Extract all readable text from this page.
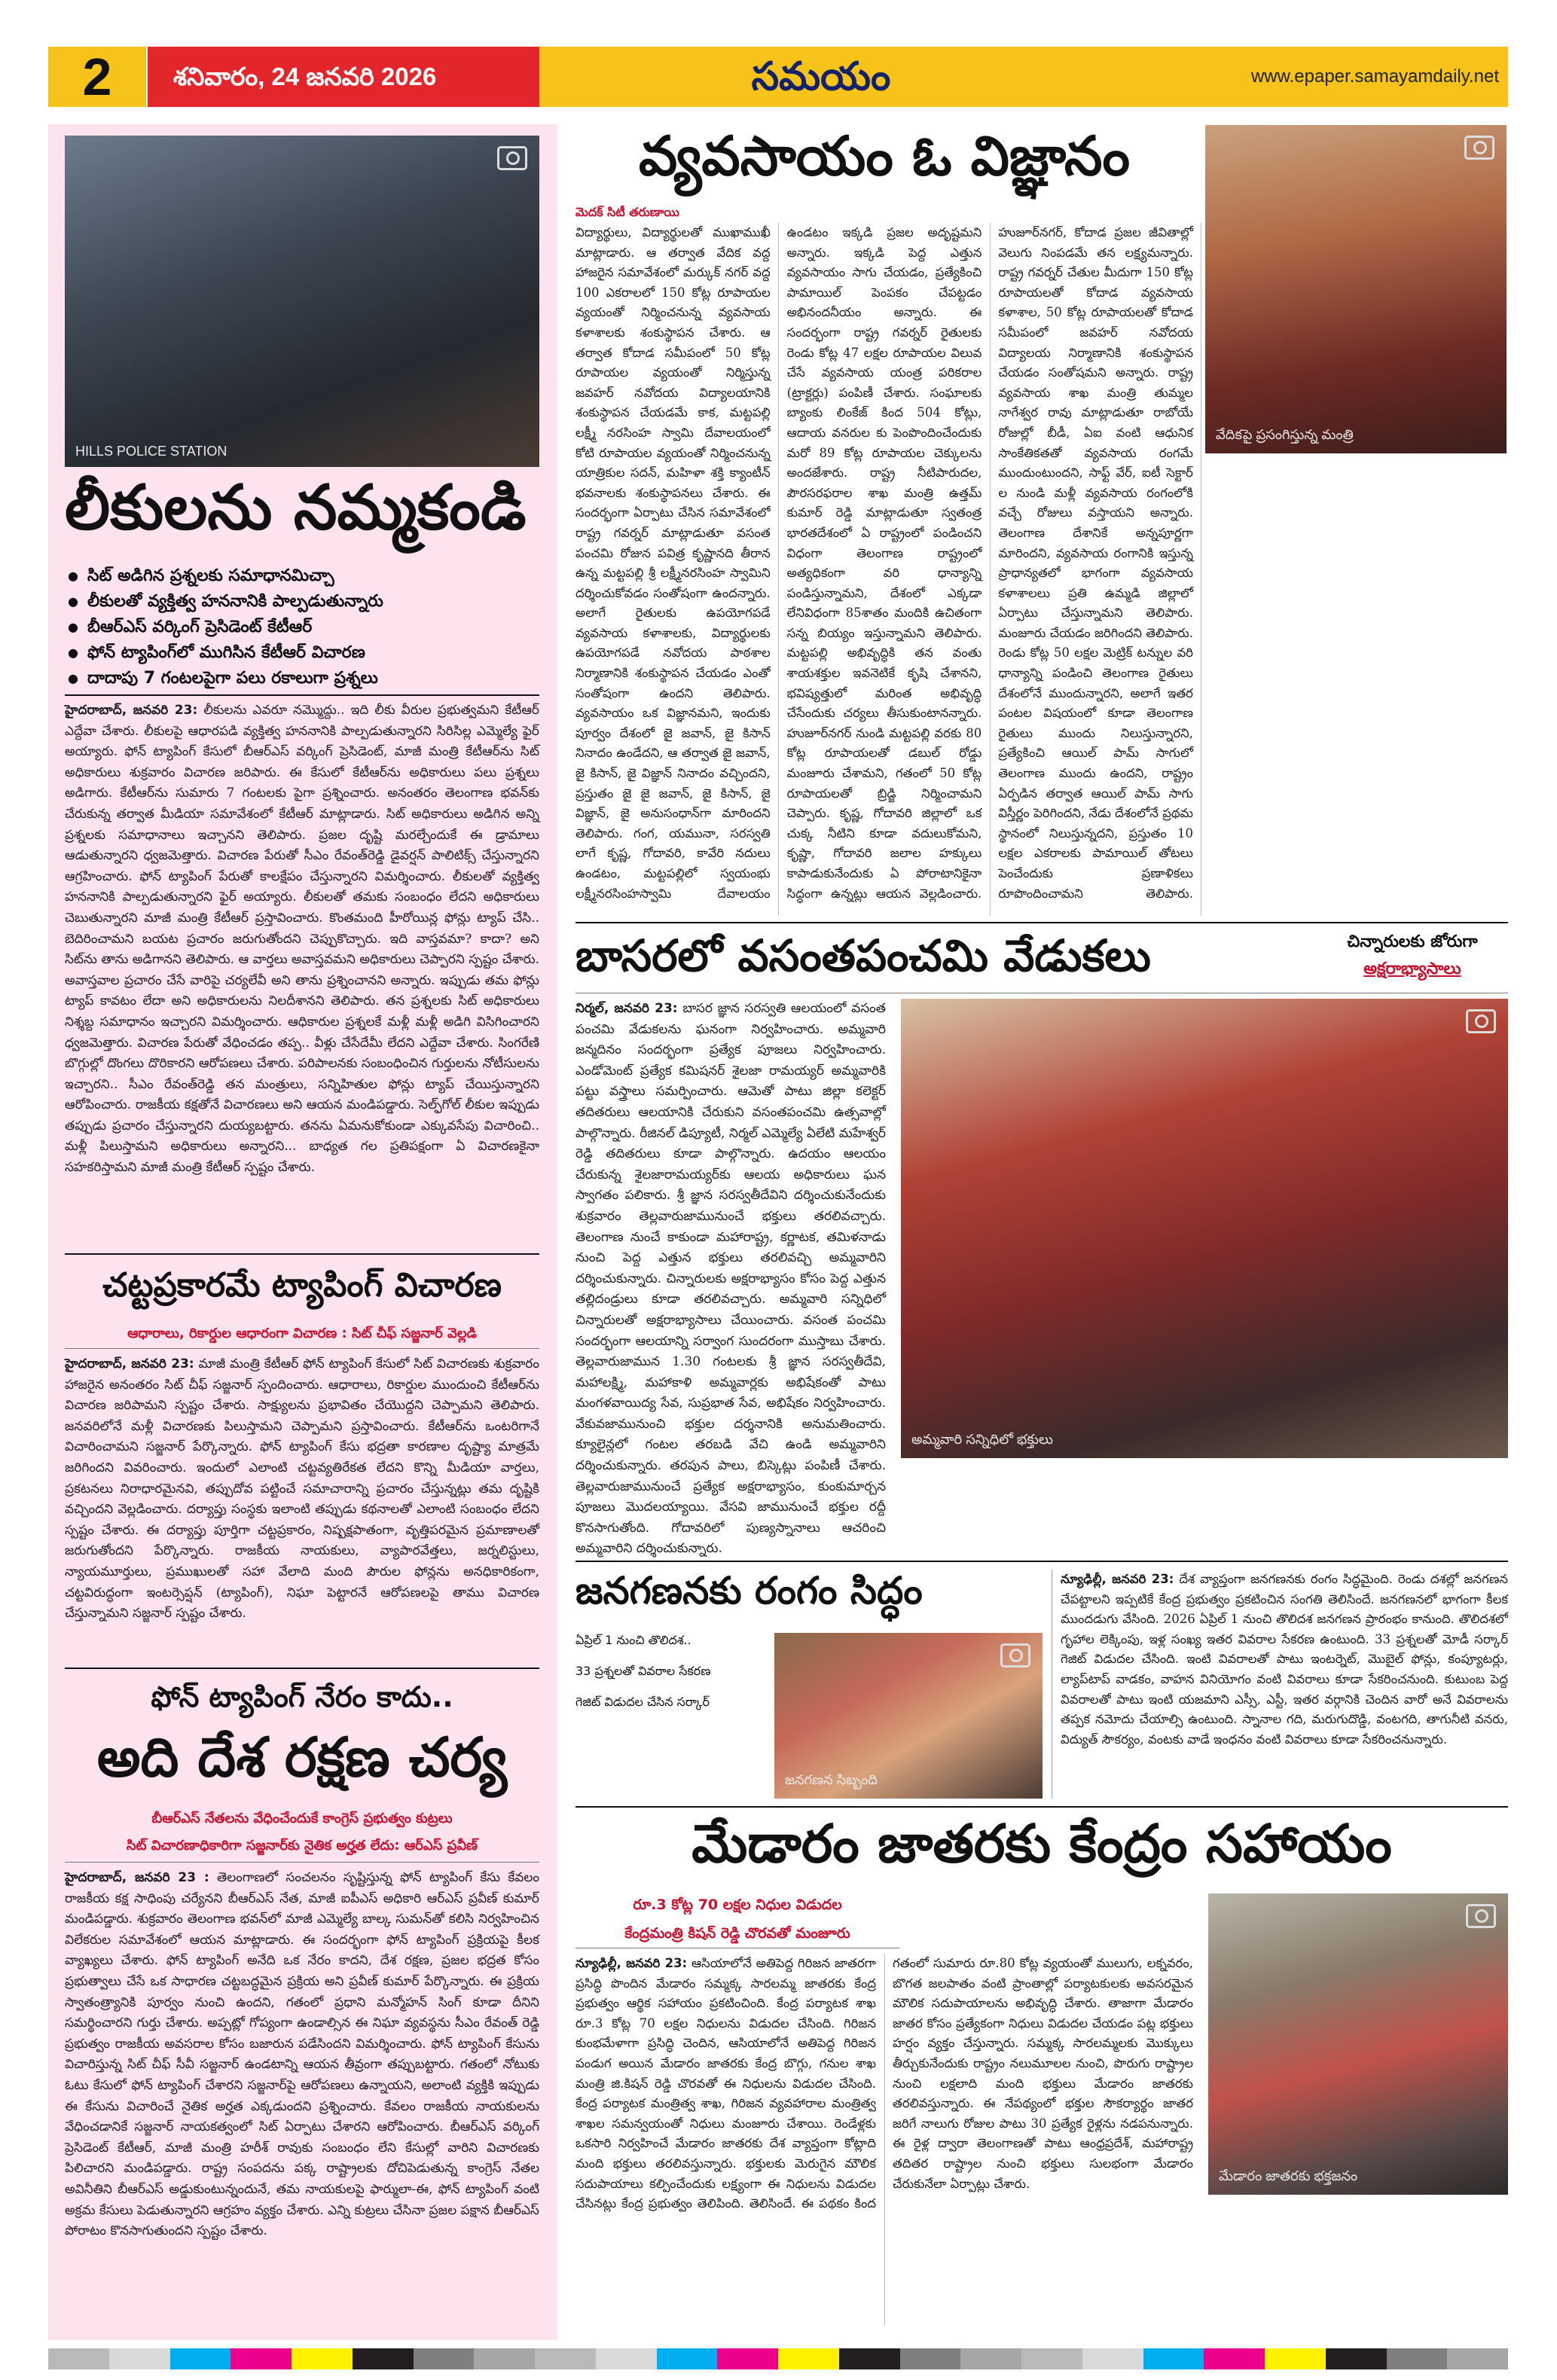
2	శనివారం, 24 జనవరి 2026	సమయం	www.epaper.samayamdaily.net
HILLS POLICE STATION
లీకులను నమ్మకండి
● సిట్ అడిగిన ప్రశ్నలకు సమాధానమిచ్చా
● లీకులతో వ్యక్తిత్వ హననానికి పాల్పడుతున్నారు
● బీఆర్ఎస్ వర్కింగ్ ప్రెసిడెంట్ కేటీఆర్
● ఫోన్ ట్యాపింగ్‌లో ముగిసిన కేటీఆర్ విచారణ
● దాదాపు 7 గంటలపైగా పలు రకాలుగా ప్రశ్నలు
హైదరాబాద్, జనవరి 23: లీకులను ఎవరూ నమ్మొద్దు.. ఇది లీకు వీరుల ప్రభుత్వమని కేటీఆర్ ఎద్దేవా చేశారు. లీకులపై ఆధారపడి వ్యక్తిత్వ హననానికి పాల్పడుతున్నారని సిరిసిల్ల ఎమ్మెల్యే ఫైర్ అయ్యారు. ఫోన్ ట్యాపింగ్ కేసులో బీఆర్ఎస్ వర్కింగ్ ప్రెసిడెంట్, మాజీ మంత్రి కేటీఆర్‌ను సిట్ అధికారులు శుక్రవారం విచారణ జరిపారు. ఈ కేసులో కేటీఆర్‌ను అధికారులు పలు ప్రశ్నలు అడిగారు. కేటీఆర్‌ను సుమారు 7 గంటలకు పైగా ప్రశ్నించారు. అనంతరం తెలంగాణ భవన్‌కు చేరుకున్న తర్వాత మీడియా సమావేశంలో కేటీఆర్ మాట్లాడారు. సిట్ అధికారులు అడిగిన అన్ని ప్రశ్నలకు సమాధానాలు ఇచ్చానని తెలిపారు. ప్రజల దృష్టి మరల్చేందుకే ఈ డ్రామాలు ఆడుతున్నారని ధ్వజమెత్తారు. విచారణ పేరుతో సీఎం రేవంత్‌రెడ్డి డైవర్షన్ పాలిటిక్స్ చేస్తున్నారని ఆగ్రహించారు. ఫోన్ ట్యాపింగ్ పేరుతో కాలక్షేపం చేస్తున్నారని విమర్శించారు. లీకులతో వ్యక్తిత్వ హననానికి పాల్పడుతున్నారని ఫైర్ అయ్యారు. లీకులతో తమకు సంబంధం లేదని అధికారులు చెబుతున్నారని మాజీ మంత్రి కేటీఆర్ ప్రస్తావించారు. కొంతమంది హీరోయిన్ల ఫోన్లు ట్యాప్ చేసి.. బెదిరించామని బయట ప్రచారం జరుగుతోందని చెప్పుకొచ్చారు. ఇది వాస్తవమా? కాదా? అని సిట్‌ను తాను అడిగానని తెలిపారు. ఆ వార్తలు అవాస్తవమని అధికారులు చెప్పారని స్పష్టం చేశారు. అవాస్తవాల ప్రచారం చేసే వారిపై చర్యలేవీ అని తాను ప్రశ్నించానని అన్నారు. ఇప్పుడు తమ ఫోన్లు ట్యాప్ కావటం లేదా అని అధికారులను నిలదీశానని తెలిపారు. తన ప్రశ్నలకు సిట్ అధికారులు నిశ్శబ్ద సమాధానం ఇచ్చారని విమర్శించారు. ఆధికారుల ప్రశ్నలకే మళ్లీ మళ్లీ అడిగి విసిగించారని ధ్వజమెత్తారు. విచారణ పేరుతో వేధించడం తప్ప.. వీళ్లు చేసేదేమీ లేదని ఎద్దేవా చేశారు. సింగరేణి బొగ్గుల్లో దొంగలు దొరికారని ఆరోపణలు చేశారు. పరిపాలనకు సంబంధించిన గుర్తులను నోటీసులను ఇచ్చారని.. సీఎం రేవంత్‌రెడ్డి తన మంత్రులు, సన్నిహితుల ఫోన్లు ట్యాప్ చేయిస్తున్నారని ఆరోపించారు. రాజకీయ కక్షతోనే విచారణలు అని ఆయన మండిపడ్డారు. సెల్ఫ్‌గోల్ లీకుల ఇప్పుడు తప్పుడు ప్రచారం చేస్తున్నారని దుయ్యబట్టారు. తనను ఏమనుకోకుండా ఎక్కువసేపు విచారించి.. మళ్లీ పిలుస్తామని అధికారులు అన్నారని... బాధ్యత గల ప్రతిపక్షంగా ఏ విచారణకైనా సహకరిస్తామని మాజీ మంత్రి కేటీఆర్ స్పష్టం చేశారు.
చట్టప్రకారమే ట్యాపింగ్ విచారణ
ఆధారాలు, రికార్డుల ఆధారంగా విచారణ : సిట్ చీఫ్ సజ్జనార్ వెల్లడి
హైదరాబాద్, జనవరి 23: మాజీ మంత్రి కేటీఆర్ ఫోన్ ట్యాపింగ్ కేసులో సిట్ విచారణకు శుక్రవారం హాజరైన అనంతరం సిట్ చీఫ్ సజ్జనార్ స్పందించారు. ఆధారాలు, రికార్డుల ముందుంచి కేటీఆర్‌ను విచారణ జరిపామని స్పష్టం చేశారు. సాక్ష్యులను ప్రభావితం చేయొద్దని చెప్పామని తెలిపారు. జనవరిలోనే మళ్లీ విచారణకు పిలుస్తామని చెప్పామని ప్రస్తావించారు. కేటీఆర్‌ను ఒంటరిగానే విచారించామని సజ్జనార్ పేర్కొన్నారు. ఫోన్ ట్యాపింగ్ కేసు భద్రతా కారణాల దృష్ట్యా మాత్రమే జరిగిందని వివరించారు. ఇందులో ఎలాంటి చట్టవ్యతిరేకత లేదని కొన్ని మీడియా వార్తలు, ప్రకటనలు నిరాధారమైనవి, తప్పుదోవ పట్టించే సమాచారాన్ని ప్రచారం చేస్తున్నట్లు తమ దృష్టికి వచ్చిందని వెల్లడించారు. దర్యాప్తు సంస్థకు ఇలాంటి తప్పుడు కథనాలతో ఎలాంటి సంబంధం లేదని స్పష్టం చేశారు. ఈ దర్యాప్తు పూర్తిగా చట్టప్రకారం, నిష్పక్షపాతంగా, వృత్తిపరమైన ప్రమాణాలతో జరుగుతోందని పేర్కొన్నారు. రాజకీయ నాయకులు, వ్యాపారవేత్తలు, జర్నలిస్టులు, న్యాయమూర్తులు, ప్రముఖులతో సహా వేలాది మంది పౌరుల ఫోన్లను అనధికారికంగా, చట్టవిరుద్ధంగా ఇంటర్సెప్షన్ (ట్యాపింగ్), నిఘా పెట్టారనే ఆరోపణలపై తాము విచారణ చేస్తున్నామని సజ్జనార్ స్పష్టం చేశారు.
ఫోన్ ట్యాపింగ్ నేరం కాదు..
అది దేశ రక్షణ చర్య
బీఆర్ఎస్ నేతలను వేధించేందుకే కాంగ్రెస్ ప్రభుత్వం కుట్రలు
సిట్ విచారణాధికారిగా సజ్జనార్‌కు నైతిక అర్హత లేదు: ఆర్ఎస్ ప్రవీణ్
హైదరాబాద్, జనవరి 23 : తెలంగాణలో సంచలనం సృష్టిస్తున్న ఫోన్ ట్యాపింగ్ కేసు కేవలం రాజకీయ కక్ష సాధింపు చర్యేనని బీఆర్ఎస్ నేత, మాజీ ఐపీఎస్ అధికారి ఆర్ఎస్ ప్రవీణ్ కుమార్ మండిపడ్డారు. శుక్రవారం తెలంగాణ భవన్‌లో మాజీ ఎమ్మెల్యే బాల్క సుమన్‌తో కలిసి నిర్వహించిన విలేకరుల సమావేశంలో ఆయన మాట్లాడారు. ఈ సందర్భంగా ఫోన్ ట్యాపింగ్ ప్రక్రియపై కీలక వ్యాఖ్యలు చేశారు. ఫోన్ ట్యాపింగ్ అనేది ఒక నేరం కాదని, దేశ రక్షణ, ప్రజల భద్రత కోసం ప్రభుత్వాలు చేసే ఒక సాధారణ చట్టబద్ధమైన ప్రక్రియ అని ప్రవీణ్ కుమార్ పేర్కొన్నారు. ఈ ప్రక్రియ స్వాతంత్ర్యానికి పూర్వం నుంచి ఉందని, గతంలో ప్రధాని మన్మోహన్ సింగ్ కూడా దీనిని సమర్థించారని గుర్తు చేశారు. అప్పట్లో గోప్యంగా ఉండాల్సిన ఈ నిఘా వ్యవస్థను సీఎం రేవంత్ రెడ్డి ప్రభుత్వం రాజకీయ అవసరాల కోసం బజారున పడేసిందని విమర్శించారు. ఫోన్ ట్యాపింగ్ కేసును విచారిస్తున్న సిట్ చీఫ్ సీవీ సజ్జనార్ ఉండటాన్ని ఆయన తీవ్రంగా తప్పుబట్టారు. గతంలో నోటుకు ఓటు కేసులో ఫోన్ ట్యాపింగ్ చేశారని సజ్జనార్‌పై ఆరోపణలు ఉన్నాయని, అలాంటి వ్యక్తికి ఇప్పుడు ఈ కేసును విచారించే నైతిక అర్హత ఎక్కడుందని ప్రశ్నించారు. కేవలం రాజకీయ నాయకులను వేధించడానికే సజ్జనార్ నాయకత్వంలో సిట్ ఏర్పాటు చేశారని ఆరోపించారు. బీఆర్ఎస్ వర్కింగ్ ప్రెసిడెంట్ కేటీఆర్, మాజీ మంత్రి హరీశ్ రావుకు సంబంధం లేని కేసుల్లో వారిని విచారణకు పిలిచారని మండిపడ్డారు. రాష్ట్ర సంపదను పక్క రాష్ట్రాలకు దోచిపెడుతున్న కాంగ్రెస్ నేతల అవినీతిని బీఆర్ఎస్ అడ్డుకుంటున్నందునే, తమ నాయకులపై ఫార్ములా-ఈ, ఫోన్ ట్యాపింగ్ వంటి అక్రమ కేసులు పెడుతున్నారని ఆగ్రహం వ్యక్తం చేశారు. ఎన్ని కుట్రలు చేసినా ప్రజల పక్షాన బీఆర్ఎస్ పోరాటం కొనసాగుతుందని స్పష్టం చేశారు.
వ్యవసాయం ఓ విజ్ఞానం
మెదక్ సిటీ తరుణాయి
విద్యార్థులు, విద్యార్థులతో ముఖాముఖీ మాట్లాడారు. ఆ తర్వాత వేదిక వద్ద హాజరైన సమావేశంలో మర్కుక్ నగర్ వద్ద 100 ఎకరాలలో 150 కోట్ల రూపాయల వ్యయంతో నిర్మించనున్న వ్యవసాయ కళాశాలకు శంకుస్థాపన చేశారు. ఆ తర్వాత కోదాడ సమీపంలో 50 కోట్ల రూపాయల వ్యయంతో నిర్మిస్తున్న జవహర్ నవోదయ విద్యాలయానికి శంకుస్థాపన చేయడమే కాక, మట్టపల్లి లక్ష్మీ నరసింహ స్వామి దేవాలయంలో కోటి రూపాయల వ్యయంతో నిర్మించనున్న యాత్రికుల సదన్, మహిళా శక్తి క్యాంటీన్ భవనాలకు శంకుస్థాపనలు చేశారు. ఈ సందర్భంగా ఏర్పాటు చేసిన సమావేశంలో రాష్ట్ర గవర్నర్ మాట్లాడుతూ వసంత పంచమి రోజున పవిత్ర కృష్ణానది తీరాన ఉన్న మట్టపల్లి శ్రీ లక్ష్మీనరసింహ స్వామిని దర్శించుకోవడం సంతోషంగా ఉందన్నారు. అలాగే రైతులకు ఉపయోగపడే వ్యవసాయ కళాశాలకు, విద్యార్థులకు ఉపయోగపడే నవోదయ పాఠశాల నిర్మాణానికి శంకుస్థాపన చేయడం ఎంతో సంతోషంగా ఉందని తెలిపారు. వ్యవసాయం ఒక విజ్ఞానమని, ఇందుకు పూర్వం దేశంలో జై జవాన్, జై కిసాన్ నినాదం ఉండేదని, ఆ తర్వాత జై జవాన్, జై కిసాన్, జై విజ్ఞాన్ నినాదం వచ్చిందని, ప్రస్తుతం జై జై జవాన్, జై కిసాన్, జై విజ్ఞాన్, జై అనుసంధాన్‌గా మారిందని తెలిపారు. గంగ, యమునా, సరస్వతి లాగే కృష్ణ, గోదావరి, కావేరి నదులు ఉండటం, మట్టపల్లిలో స్వయంభు లక్ష్మీనరసింహస్వామి దేవాలయం ఉండటం ఇక్కడి ప్రజల అదృష్టమని అన్నారు. ఇక్కడి పెద్ద ఎత్తున వ్యవసాయం సాగు చేయడం, ప్రత్యేకించి పామాయిల్ పెంపకం చేపట్టడం అభినందనీయం అన్నారు. ఈ సందర్భంగా రాష్ట్ర గవర్నర్ రైతులకు రెండు కోట్ల 47 లక్షల రూపాయల విలువ చేసే వ్యవసాయ యంత్ర పరికరాల (ట్రాక్టర్లు) పంపిణీ చేశారు. సంఘాలకు బ్యాంకు లింకేజ్ కింద 504 కోట్లు, ఆదాయ వనరుల కు పెంపొందించేందుకు మరో 89 కోట్ల రూపాయల చెక్కులను అందజేశారు. రాష్ట్ర నీటిపారుదల, పౌరసరఫరాల శాఖ మంత్రి ఉత్తమ్ కుమార్ రెడ్డి మాట్లాడుతూ స్వతంత్ర భారతదేశంలో ఏ రాష్ట్రంలో పండించని విధంగా తెలంగాణ రాష్ట్రంలో అత్యధికంగా వరి ధాన్యాన్ని పండిస్తున్నామని, దేశంలో ఎక్కడా లేనివిధంగా 85శాతం మందికి ఉచితంగా సన్న బియ్యం ఇస్తున్నామని తెలిపారు. మట్టపల్లి అభివృద్ధికి తన వంతు శాయశక్తుల ఇవనెటికే కృషి చేశానని, భవిష్యత్తులో మరింత అభివృద్ధి చేసేందుకు చర్యలు తీసుకుంటానన్నారు. హుజూర్‌నగర్ నుండి మట్టపల్లి వరకు 80 కోట్ల రూపాయలతో డబుల్ రోడ్డు మంజూరు చేశామని, గతంలో 50 కోట్ల రూపాయలతో బ్రిడ్జి నిర్మించామని చెప్పారు. కృష్ణ, గోదావరి జిల్లాలో ఒక చుక్క నీటిని కూడా వదులుకోమని, కృష్ణా, గోదావరి జలాల హక్కులు కాపాడుకునేందుకు ఏ పోరాటానికైనా సిద్ధంగా ఉన్నట్లు ఆయన వెల్లడించారు. హుజూర్‌నగర్, కోదాడ ప్రజల జీవితాల్లో వెలుగు నింపడమే తన లక్ష్యమన్నారు. రాష్ట్ర గవర్నర్ చేతుల మీదుగా 150 కోట్ల రూపాయలతో కోదాడ వ్యవసాయ కళాశాల, 50 కోట్ల రూపాయలతో కోదాడ సమీపంలో జవహర్ నవోదయ విద్యాలయ నిర్మాణానికి శంకుస్థాపన చేయడం సంతోషమని అన్నారు. రాష్ట్ర వ్యవసాయ శాఖ మంత్రి తుమ్మల నాగేశ్వర రావు మాట్లాడుతూ రాబోయే రోజుల్లో బీడీ, ఏఐ వంటి ఆధునిక సాంకేతికతతో వ్యవసాయ రంగమే ముందుంటుందని, సాఫ్ట్ వేర్, ఐటీ సెక్టార్ ల నుండి మళ్లీ వ్యవసాయ రంగంలోకి వచ్చే రోజులు వస్తాయని అన్నారు. తెలంగాణ దేశానికే అన్నపూర్ణగా మారిందని, వ్యవసాయ రంగానికి ఇస్తున్న ప్రాధాన్యతలో భాగంగా వ్యవసాయ కళాశాలలు ప్రతి ఉమ్మడి జిల్లాలో ఏర్పాటు చేస్తున్నామని తెలిపారు. మంజూరు చేయడం జరిగిందని తెలిపారు. రెండు కోట్ల 50 లక్షల మెట్రిక్ టన్నుల వరి ధాన్యాన్ని పండించి తెలంగాణ రైతులు దేశంలోనే ముందున్నారని, అలాగే ఇతర పంటల విషయంలో కూడా తెలంగాణ రైతులు ముందు నిలుస్తున్నారని, ప్రత్యేకించి ఆయిల్ పామ్ సాగులో తెలంగాణ ముందు ఉందని, రాష్ట్రం ఏర్పడిన తర్వాత ఆయిల్ పామ్ సాగు విస్తీర్ణం పెరిగిందని, నేడు దేశంలోనే ప్రథమ స్థానంలో నిలుస్తున్నదని, ప్రస్తుతం 10 లక్షల ఎకరాలకు పామాయిల్ తోటలు పెంచేందుకు ప్రణాళికలు రూపొందించామని తెలిపారు.
వేదికపై ప్రసంగిస్తున్న మంత్రి
బాసరలో వసంతపంచమి వేడుకలు	చిన్నారులకు జోరుగా
అక్షరాభ్యాసాలు
నిర్మల్, జనవరి 23: బాసర జ్ఞాన సరస్వతి ఆలయంలో వసంత పంచమి వేడుకలను ఘనంగా నిర్వహించారు. అమ్మవారి జన్మదినం సందర్భంగా ప్రత్యేక పూజలు నిర్వహించారు. ఎండోమెంట్ ప్రత్యేక కమిషనర్ శైలజా రామయ్యర్ అమ్మవారికి పట్టు వస్త్రాలు సమర్పించారు. ఆమెతో పాటు జిల్లా కలెక్టర్ తదితరులు ఆలయానికి చేరుకుని వసంతపంచమి ఉత్సవాల్లో పాల్గొన్నారు. రీజినల్ డిప్యూటీ, నిర్మల్ ఎమ్మెల్యే ఏలేటి మహేశ్వర్ రెడ్డి తదితరులు కూడా పాల్గొన్నారు. ఉదయం ఆలయం చేరుకున్న శైలజారామయ్యర్‌కు ఆలయ అధికారులు ఘన స్వాగతం పలికారు. శ్రీ జ్ఞాన సరస్వతీదేవిని దర్శించుకునేందుకు శుక్రవారం తెల్లవారుజామునుంచే భక్తులు తరలివచ్చారు. తెలంగాణ నుంచే కాకుండా మహారాష్ట్ర, కర్ణాటక, తమిళనాడు నుంచి పెద్ద ఎత్తున భక్తులు తరలివచ్చి అమ్మవారిని దర్శించుకున్నారు. చిన్నారులకు అక్షరాభ్యాసం కోసం పెద్ద ఎత్తున తల్లిదండ్రులు కూడా తరలివచ్చారు. అమ్మవారి సన్నిధిలో చిన్నారులతో అక్షరాభ్యాసాలు చేయించారు. వసంత పంచమి సందర్భంగా ఆలయాన్ని సర్వాంగ సుందరంగా ముస్తాబు చేశారు. తెల్లవారుజామున 1.30 గంటలకు శ్రీ జ్ఞాన సరస్వతీదేవి, మహాలక్ష్మి, మహాకాళి అమ్మవార్లకు అభిషేకంతో పాటు మంగళవాయిద్య సేవ, సుప్రభాత సేవ, అభిషేకం నిర్వహించారు. వేకువజామునుంచి భక్తుల దర్శనానికి అనుమతించారు. క్యూలైన్లలో గంటల తరబడి వేచి ఉండి అమ్మవారిని దర్శించుకున్నారు. తరపున పాలు, బిస్కెట్లు పంపిణీ చేశారు. తెల్లవారుజామునుంచే ప్రత్యేక అక్షరాభ్యాసం, కుంకుమార్చన పూజలు మొదలయ్యాయి. వేసవి జామునుంచే భక్తుల రద్దీ కొనసాగుతోంది. గోదావరిలో పుణ్యస్నానాలు ఆచరించి అమ్మవారిని దర్శించుకున్నారు.
అమ్మవారి సన్నిధిలో భక్తులు
జనగణనకు రంగం సిద్ధం
ఏప్రిల్ 1 నుంచి తొలిదశ..
33 ప్రశ్నలతో వివరాల సేకరణ
గెజిట్ విడుదల చేసిన సర్కార్
జనగణన సిబ్బంది
న్యూఢిల్లీ, జనవరి 23: దేశ వ్యాప్తంగా జనగణనకు రంగం సిద్ధమైంది. రెండు దశల్లో జనగణన చేపట్టాలని ఇప్పటికే కేంద్ర ప్రభుత్వం ప్రకటించిన సంగతి తెలిసిందే. జనగణనలో భాగంగా కీలక ముందడుగు వేసింది. 2026 ఏప్రిల్ 1 నుంచి తొలిదశ జనగణన ప్రారంభం కానుంది. తొలిదశలో గృహాల లెక్కింపు, ఇళ్ల సంఖ్య ఇతర వివరాల సేకరణ ఉంటుంది. 33 ప్రశ్నలతో మోడీ సర్కార్ గెజిట్ విడుదల చేసింది. ఇంటి వివరాలతో పాటు ఇంటర్నెట్, మొబైల్ ఫోన్లు, కంప్యూటర్లు, ల్యాప్‌టాప్ వాడకం, వాహన వినియోగం వంటి వివరాలు కూడా సేకరించనుంది. కుటుంబ పెద్ద వివరాలతో పాటు ఇంటి యజమాని ఎస్సీ, ఎస్టీ, ఇతర వర్గానికి చెందిన వారో అనే వివరాలను తప్పక నమోదు చేయాల్సి ఉంటుంది. స్నానాల గది, మరుగుదొడ్డి, వంటగది, తాగునీటి వనరు, విద్యుత్ సౌకర్యం, వంటకు వాడే ఇంధనం వంటి వివరాలు కూడా సేకరించనున్నారు.
మేడారం జాతరకు కేంద్రం సహాయం
రూ.3 కోట్ల 70 లక్షల నిధుల విడుదల
కేంద్రమంత్రి కిషన్ రెడ్డి చొరవతో మంజూరు
న్యూఢిల్లీ, జనవరి 23: ఆసియాలోనే అతిపెద్ద గిరిజన జాతరగా ప్రసిద్ధి పొందిన మేడారం సమ్మక్క సారలమ్మ జాతరకు కేంద్ర ప్రభుత్వం ఆర్థిక సహాయం ప్రకటించింది. కేంద్ర పర్యాటక శాఖ రూ.3 కోట్ల 70 లక్షల నిధులను విడుదల చేసింది. గిరిజన కుంభమేళాగా ప్రసిద్ధి చెందిన, ఆసియాలోనే అతిపెద్ద గిరిజన పండుగ అయిన మేడారం జాతరకు కేంద్ర బొగ్గు, గనుల శాఖ మంత్రి జి.కిషన్ రెడ్డి చొరవతో ఈ నిధులను విడుదల చేసింది. కేంద్ర పర్యాటక మంత్రిత్వ శాఖ, గిరిజన వ్యవహారాల మంత్రిత్వ శాఖల సమన్వయంతో నిధులు మంజూరు చేశాయి. రెండేళ్లకు ఒకసారి నిర్వహించే మేడారం జాతరకు దేశ వ్యాప్తంగా కోట్లాది మంది భక్తులు తరలివస్తున్నారు. భక్తులకు మెరుగైన మౌలిక సదుపాయాలు కల్పించేందుకు లక్ష్యంగా ఈ నిధులను విడుదల చేసినట్లు కేంద్ర ప్రభుత్వం తెలిపింది. తెలిసిందే. ఈ పథకం కింద గతంలో సుమారు రూ.80 కోట్ల వ్యయంతో ములుగు, లక్నవరం, బొగత జలపాతం వంటి ప్రాంతాల్లో పర్యాటకులకు అవసరమైన మౌలిక సదుపాయాలను అభివృద్ధి చేశారు. తాజాగా మేడారం జాతర కోసం ప్రత్యేకంగా నిధులు విడుదల చేయడం పట్ల భక్తులు హర్షం వ్యక్తం చేస్తున్నారు. సమ్మక్క సారలమ్మలకు మొక్కులు తీర్చుకునేందుకు రాష్ట్రం నలుమూలల నుంచి, పొరుగు రాష్ట్రాల నుంచి లక్షలాది మంది భక్తులు మేడారం జాతరకు తరలివస్తున్నారు. ఈ నేపథ్యంలో భక్తుల సౌకర్యార్థం జాతర జరిగే నాలుగు రోజుల పాటు 30 ప్రత్యేక రైళ్లను నడపనున్నారు. ఈ రైళ్ల ద్వారా తెలంగాణతో పాటు ఆంధ్రప్రదేశ్, మహారాష్ట్ర తదితర రాష్ట్రాల నుంచి భక్తులు సులభంగా మేడారం చేరుకునేలా ఏర్పాట్లు చేశారు.
మేడారం జాతరకు భక్తజనం
